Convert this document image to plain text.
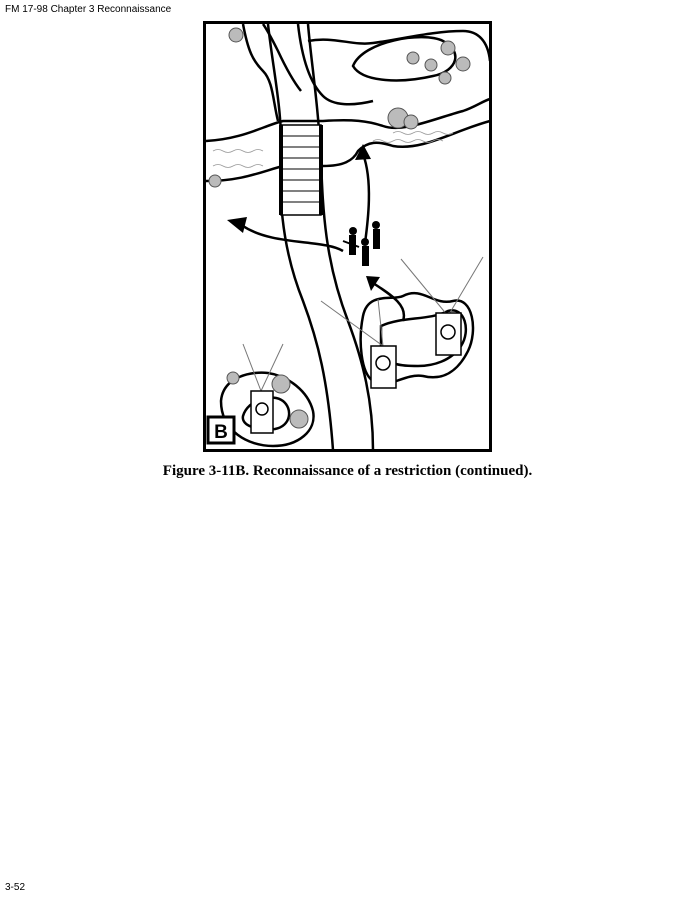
FM 17-98 Chapter 3 Reconnaissance
B
Figure 3-11B. Reconnaissance of a restriction (continued).
3-52
